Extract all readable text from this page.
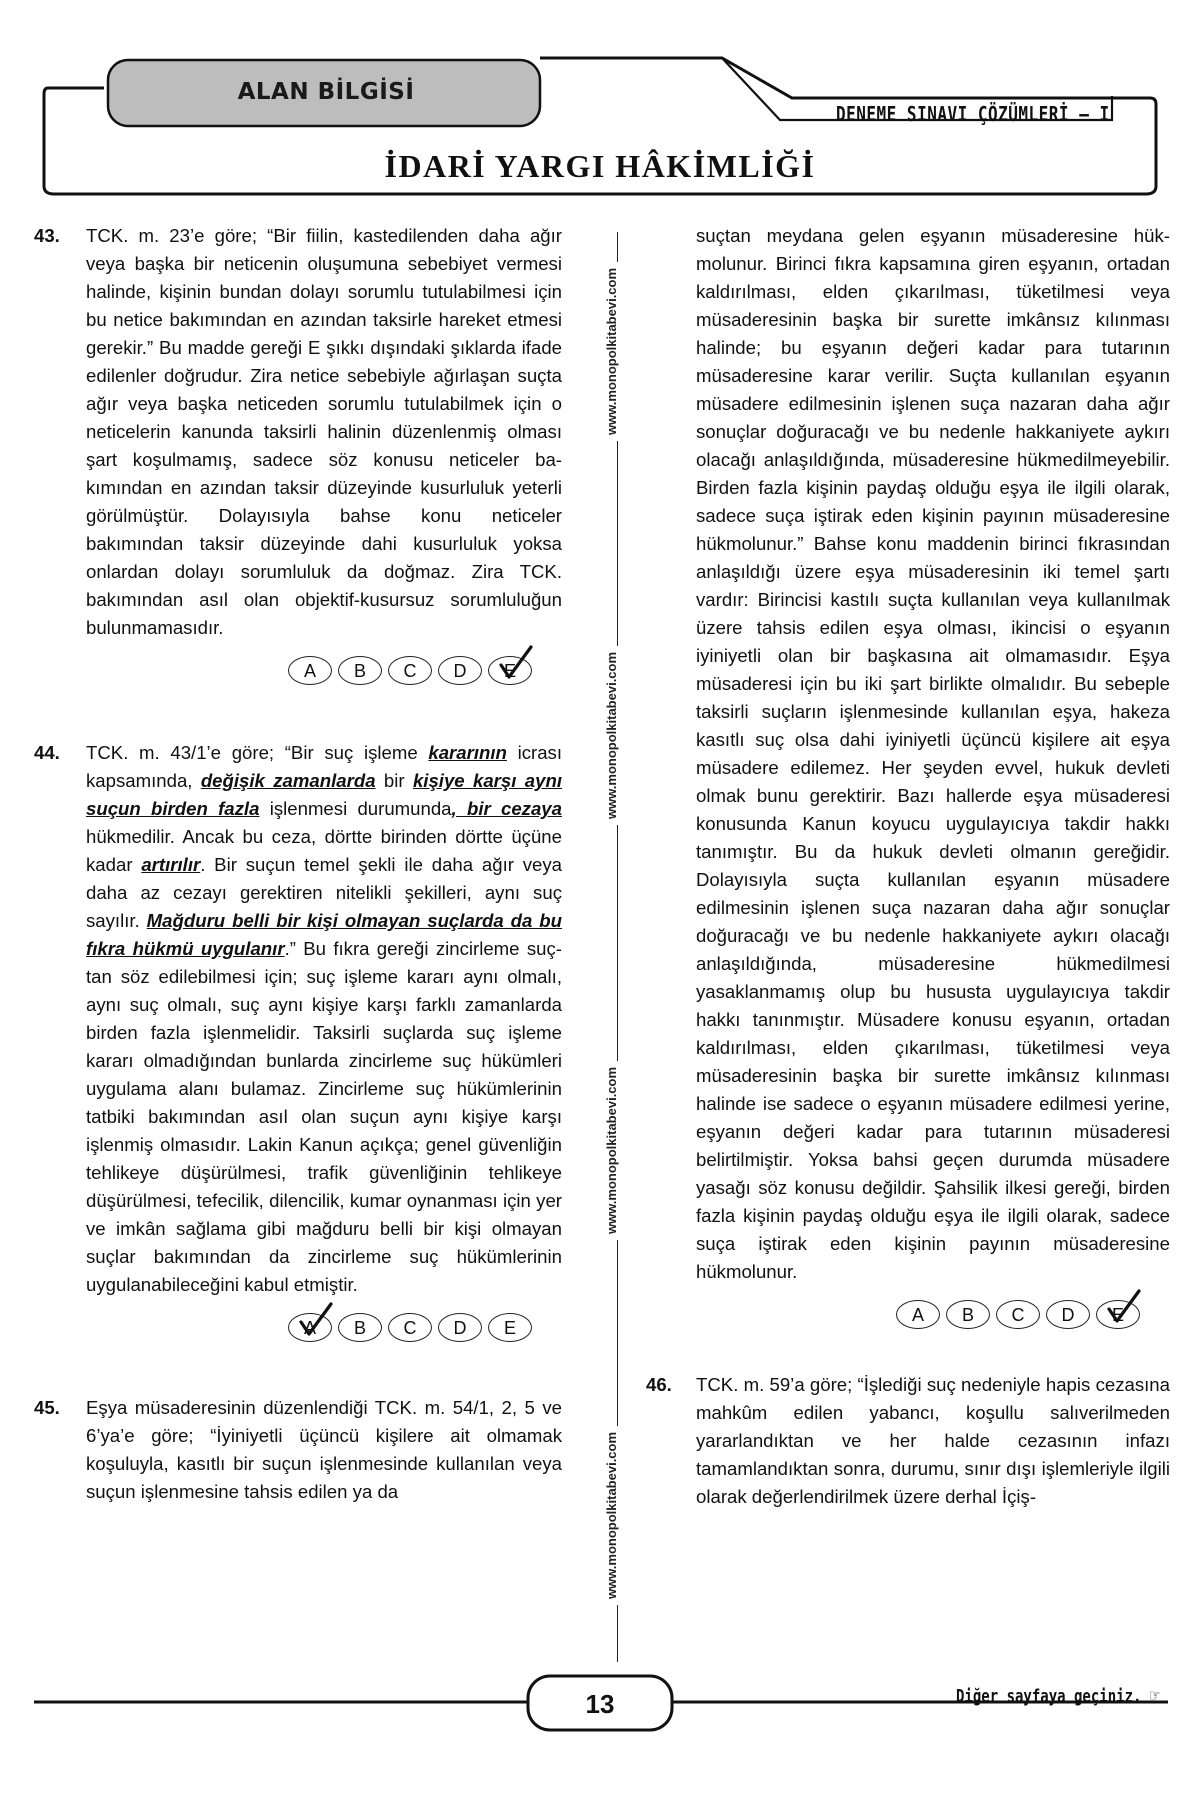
ALAN BİLGİSİ
DENEME SINAVI ÇÖZÜMLERİ – I
İDARİ YARGI HÂKİMLİĞİ
43. TCK. m. 23’e göre; “Bir fiilin, kastedilenden daha ağır veya başka bir neticenin oluşumuna sebebiyet vermesi halinde, kişinin bundan dolayı sorumlu tutulabilmesi için bu netice bakımından en azından taksirle hareket etmesi gerekir.” Bu madde gereği E şıkkı dışındaki şıklarda ifade edilenler doğrudur. Zira netice sebebiyle ağırlaşan suçta ağır veya başka neticeden sorumlu tutulabilmek için o neticelerin kanunda taksirli halinin düzenlenmiş olması şart koşulmamış, sadece söz konusu neticeler bakımından en azından taksir düzeyinde kusurluluk yeterli görülmüştür. Dolayısıyla bahse konu neticeler bakımından taksir düzeyinde dahi kusurluluk yoksa onlardan dolayı sorumluluk da doğmaz. Zira TCK. bakımından asıl olan objektif-kusursuz sorumluluğun bulunmamasıdır.
A B C D E
44. TCK. m. 43/1’e göre; “Bir suç işleme kararının icrası kapsamında, değişik zamanlarda bir kişiye karşı aynı suçun birden fazla işlenmesi durumunda, bir cezaya hükmedilir. Ancak bu ceza, dörtte birinden dörtte üçüne kadar artırılır. Bir suçun temel şekli ile daha ağır veya daha az cezayı gerektiren nitelikli şekilleri, aynı suç sayılır. Mağduru belli bir kişi olmayan suçlarda da bu fıkra hükmü uygulanır.” Bu fıkra gereği zincirleme suçtan söz edilebilmesi için; suç işleme kararı aynı olmalı, aynı suç olmalı, suç aynı kişiye karşı farklı zamanlarda birden fazla işlenmelidir. Taksirli suçlarda suç işleme kararı olmadığından bunlarda zincirleme suç hükümleri uygulama alanı bulamaz. Zincirleme suç hükümlerinin tatbiki bakımından asıl olan suçun aynı kişiye karşı işlenmiş olmasıdır. Lakin Kanun açıkça; genel güvenliğin tehlikeye düşürülmesi, trafik güvenliğinin tehlikeye düşürülmesi, tefecilik, dilencilik, kumar oynanması için yer ve imkân sağlama gibi mağduru belli bir kişi olmayan suçlar bakımından da zincirleme suç hükümlerinin uygulanabileceğini kabul etmiştir.
A B C D E
45. Eşya müsaderesinin düzenlendiği TCK. m. 54/1, 2, 5 ve 6’ya’e göre; “İyiniyetli üçüncü kişilere ait olmamak koşuluyla, kasıtlı bir suçun işlenmesinde kullanılan veya suçun işlenmesine tahsis edilen ya da
www.monopolkitabevi.com
www.monopolkitabevi.com
www.monopolkitabevi.com
www.monopolkitabevi.com
suçtan meydana gelen eşyanın müsaderesine hükmolunur. Birinci fıkra kapsamına giren eşyanın, ortadan kaldırılması, elden çıkarılması, tüketilmesi veya müsaderesinin başka bir surette imkânsız kılınması halinde; bu eşyanın değeri kadar para tutarının müsaderesine karar verilir. Suçta kullanılan eşyanın müsadere edilmesinin işlenen suça nazaran daha ağır sonuçlar doğuracağı ve bu nedenle hakkaniyete aykırı olacağı anlaşıldığında, müsaderesine hükmedilmeyebilir. Birden fazla kişinin paydaş olduğu eşya ile ilgili olarak, sadece suça iştirak eden kişinin payının müsaderesine hükmolunur.” Bahse konu maddenin birinci fıkrasından anlaşıldığı üzere eşya müsaderesinin iki temel şartı vardır: Birincisi kastılı suçta kullanılan veya kullanılmak üzere tahsis edilen eşya olması, ikincisi o eşyanın iyiniyetli olan bir başkasına ait olmamasıdır. Eşya müsaderesi için bu iki şart birlikte olmalıdır. Bu sebeple taksirli suçların işlenmesinde kullanılan eşya, hakeza kasıtlı suç olsa dahi iyiniyetli üçüncü kişilere ait eşya müsadere edilemez. Her şeyden evvel, hukuk devleti olmak bunu gerektirir. Bazı hallerde eşya müsaderesi konusunda Kanun koyucu uygulayıcıya takdir hakkı tanımıştır. Bu da hukuk devleti olmanın gereğidir. Dolayısıyla suçta kullanılan eşyanın müsadere edilmesinin işlenen suça nazaran daha ağır sonuçlar doğuracağı ve bu nedenle hakkaniyete aykırı olacağı anlaşıldığında, müsaderesine hükmedilmesi yasaklanmamış olup bu hususta uygulayıcıya takdir hakkı tanınmıştır. Müsadere konusu eşyanın, ortadan kaldırılması, elden çıkarılması, tüketilmesi veya müsaderesinin başka bir surette imkânsız kılınması halinde ise sadece o eşyanın müsadere edilmesi yerine, eşyanın değeri kadar para tutarının müsaderesi belirtilmiştir. Yoksa bahsi geçen durumda müsadere yasağı söz konusu değildir. Şahsilik ilkesi gereği, birden fazla kişinin paydaş olduğu eşya ile ilgili olarak, sadece suça iştirak eden kişinin payının müsaderesine hükmolunur.
A B C D E
46. TCK. m. 59’a göre; “İşlediği suç nedeniyle hapis cezasına mahkûm edilen yabancı, koşullu salıverilmeden yararlandıktan ve her halde cezasının infazı tamamlandıktan sonra, durumu, sınır dışı işlemleriyle ilgili olarak değerlendirilmek üzere derhal İçiş-
13	Diğer sayfaya geçiniz. ☞
